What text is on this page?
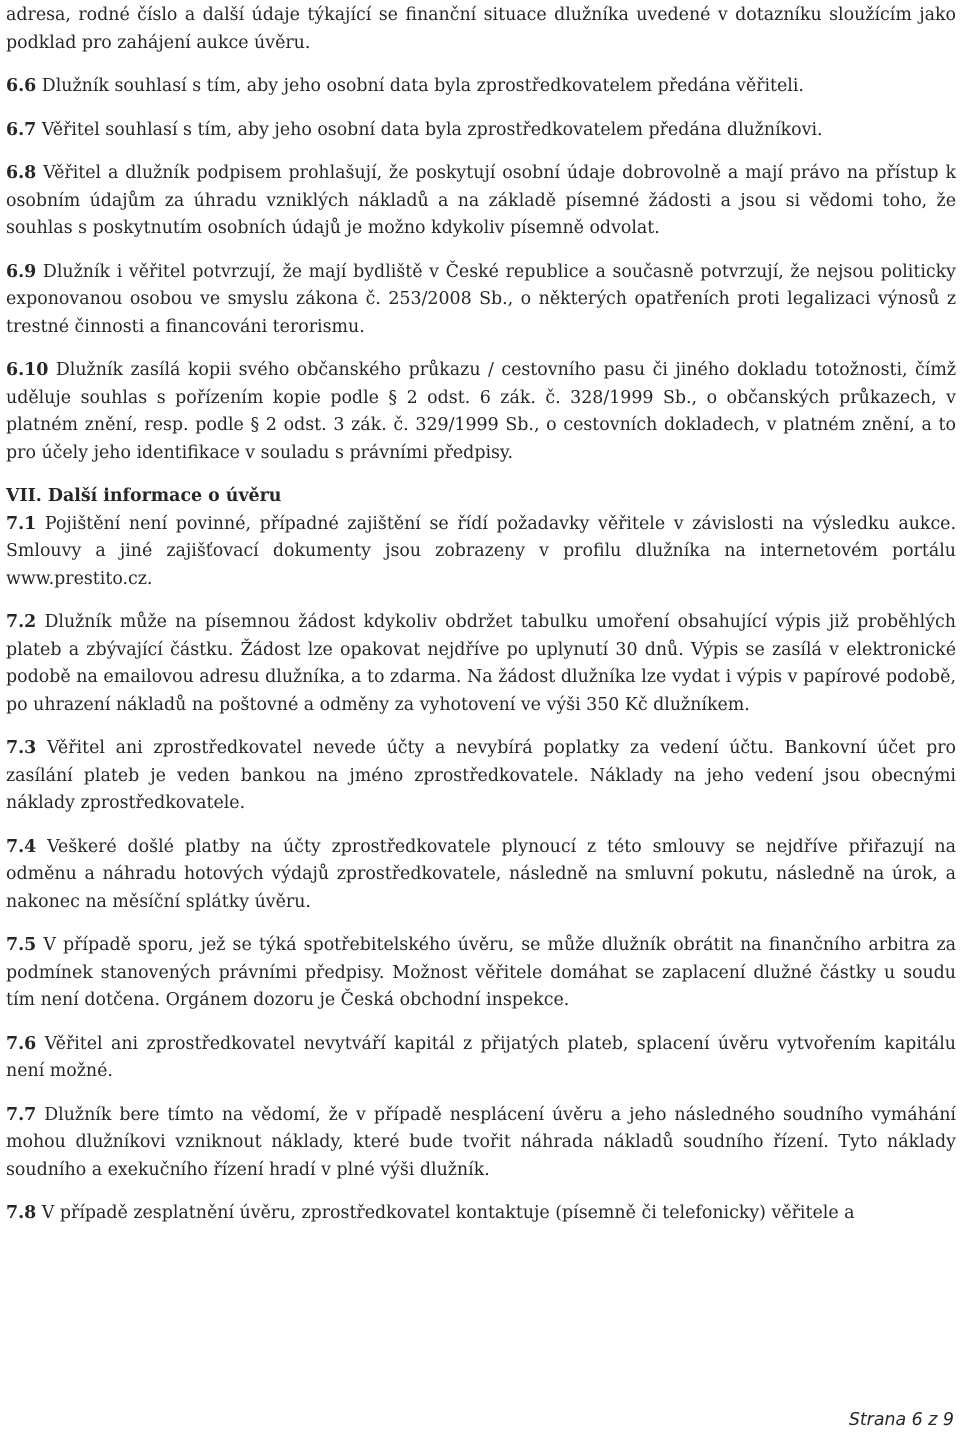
adresa, rodné číslo a další údaje týkající se finanční situace dlužníka uvedené v dotazníku sloužícím jako podklad pro zahájení aukce úvěru.

6.6 Dlužník souhlasí s tím, aby jeho osobní data byla zprostředkovatelem předána věřiteli.

6.7 Věřitel souhlasí s tím, aby jeho osobní data byla zprostředkovatelem předána dlužníkovi.

6.8 Věřitel a dlužník podpisem prohlašují, že poskytují osobní údaje dobrovolně a mají právo na přístup k osobním údajům za úhradu vzniklých nákladů a na základě písemné žádosti a jsou si vědomi toho, že souhlas s poskytnutím osobních údajů je možno kdykoliv písemně odvolat.

6.9 Dlužník i věřitel potvrzují, že mají bydliště v České republice a současně potvrzují, že nejsou politicky exponovanou osobou ve smyslu zákona č. 253/2008 Sb., o některých opatřeních proti legalizaci výnosů z trestné činnosti a financováni terorismu.

6.10 Dlužník zasílá kopii svého občanského průkazu / cestovního pasu či jiného dokladu totožnosti, čímž uděluje souhlas s pořízením kopie podle § 2 odst. 6 zák. č. 328/1999 Sb., o občanských průkazech, v platném znění, resp. podle § 2 odst. 3 zák. č. 329/1999 Sb., o cestovních dokladech, v platném znění, a to pro účely jeho identifikace v souladu s právními předpisy.

VII. Další informace o úvěru

7.1 Pojištění není povinné, případné zajištění se řídí požadavky věřitele v závislosti na výsledku aukce. Smlouvy a jiné zajišťovací dokumenty jsou zobrazeny v profilu dlužníka na internetovém portálu www.prestito.cz.

7.2 Dlužník může na písemnou žádost kdykoliv obdržet tabulku umoření obsahující výpis již proběhlých plateb a zbývající částku. Žádost lze opakovat nejdříve po uplynutí 30 dnů. Výpis se zasílá v elektronické podobě na emailovou adresu dlužníka, a to zdarma. Na žádost dlužníka lze vydat i výpis v papírové podobě, po uhrazení nákladů na poštovné a odměny za vyhotovení ve výši 350 Kč dlužníkem.

7.3 Věřitel ani zprostředkovatel nevede účty a nevybírá poplatky za vedení účtu. Bankovní účet pro zasílání plateb je veden bankou na jméno zprostředkovatele. Náklady na jeho vedení jsou obecnými náklady zprostředkovatele.

7.4 Veškeré došlé platby na účty zprostředkovatele plynoucí z této smlouvy se nejdříve přiřazují na odměnu a náhradu hotových výdajů zprostředkovatele, následně na smluvní pokutu, následně na úrok, a nakonec na měsíční splátky úvěru.

7.5 V případě sporu, jež se týká spotřebitelského úvěru, se může dlužník obrátit na finančního arbitra za podmínek stanovených právními předpisy. Možnost věřitele domáhat se zaplacení dlužné částky u soudu tím není dotčena. Orgánem dozoru je Česká obchodní inspekce.

7.6 Věřitel ani zprostředkovatel nevytváří kapitál z přijatých plateb, splacení úvěru vytvořením kapitálu není možné.

7.7 Dlužník bere tímto na vědomí, že v případě nesplácení úvěru a jeho následného soudního vymáhání mohou dlužníkovi vzniknout náklady, které bude tvořit náhrada nákladů soudního řízení. Tyto náklady soudního a exekučního řízení hradí v plné výši dlužník.

7.8 V případě zesplatnění úvěru, zprostředkovatel kontaktuje (písemně či telefonicky) věřitele a

Strana 6 z 9
